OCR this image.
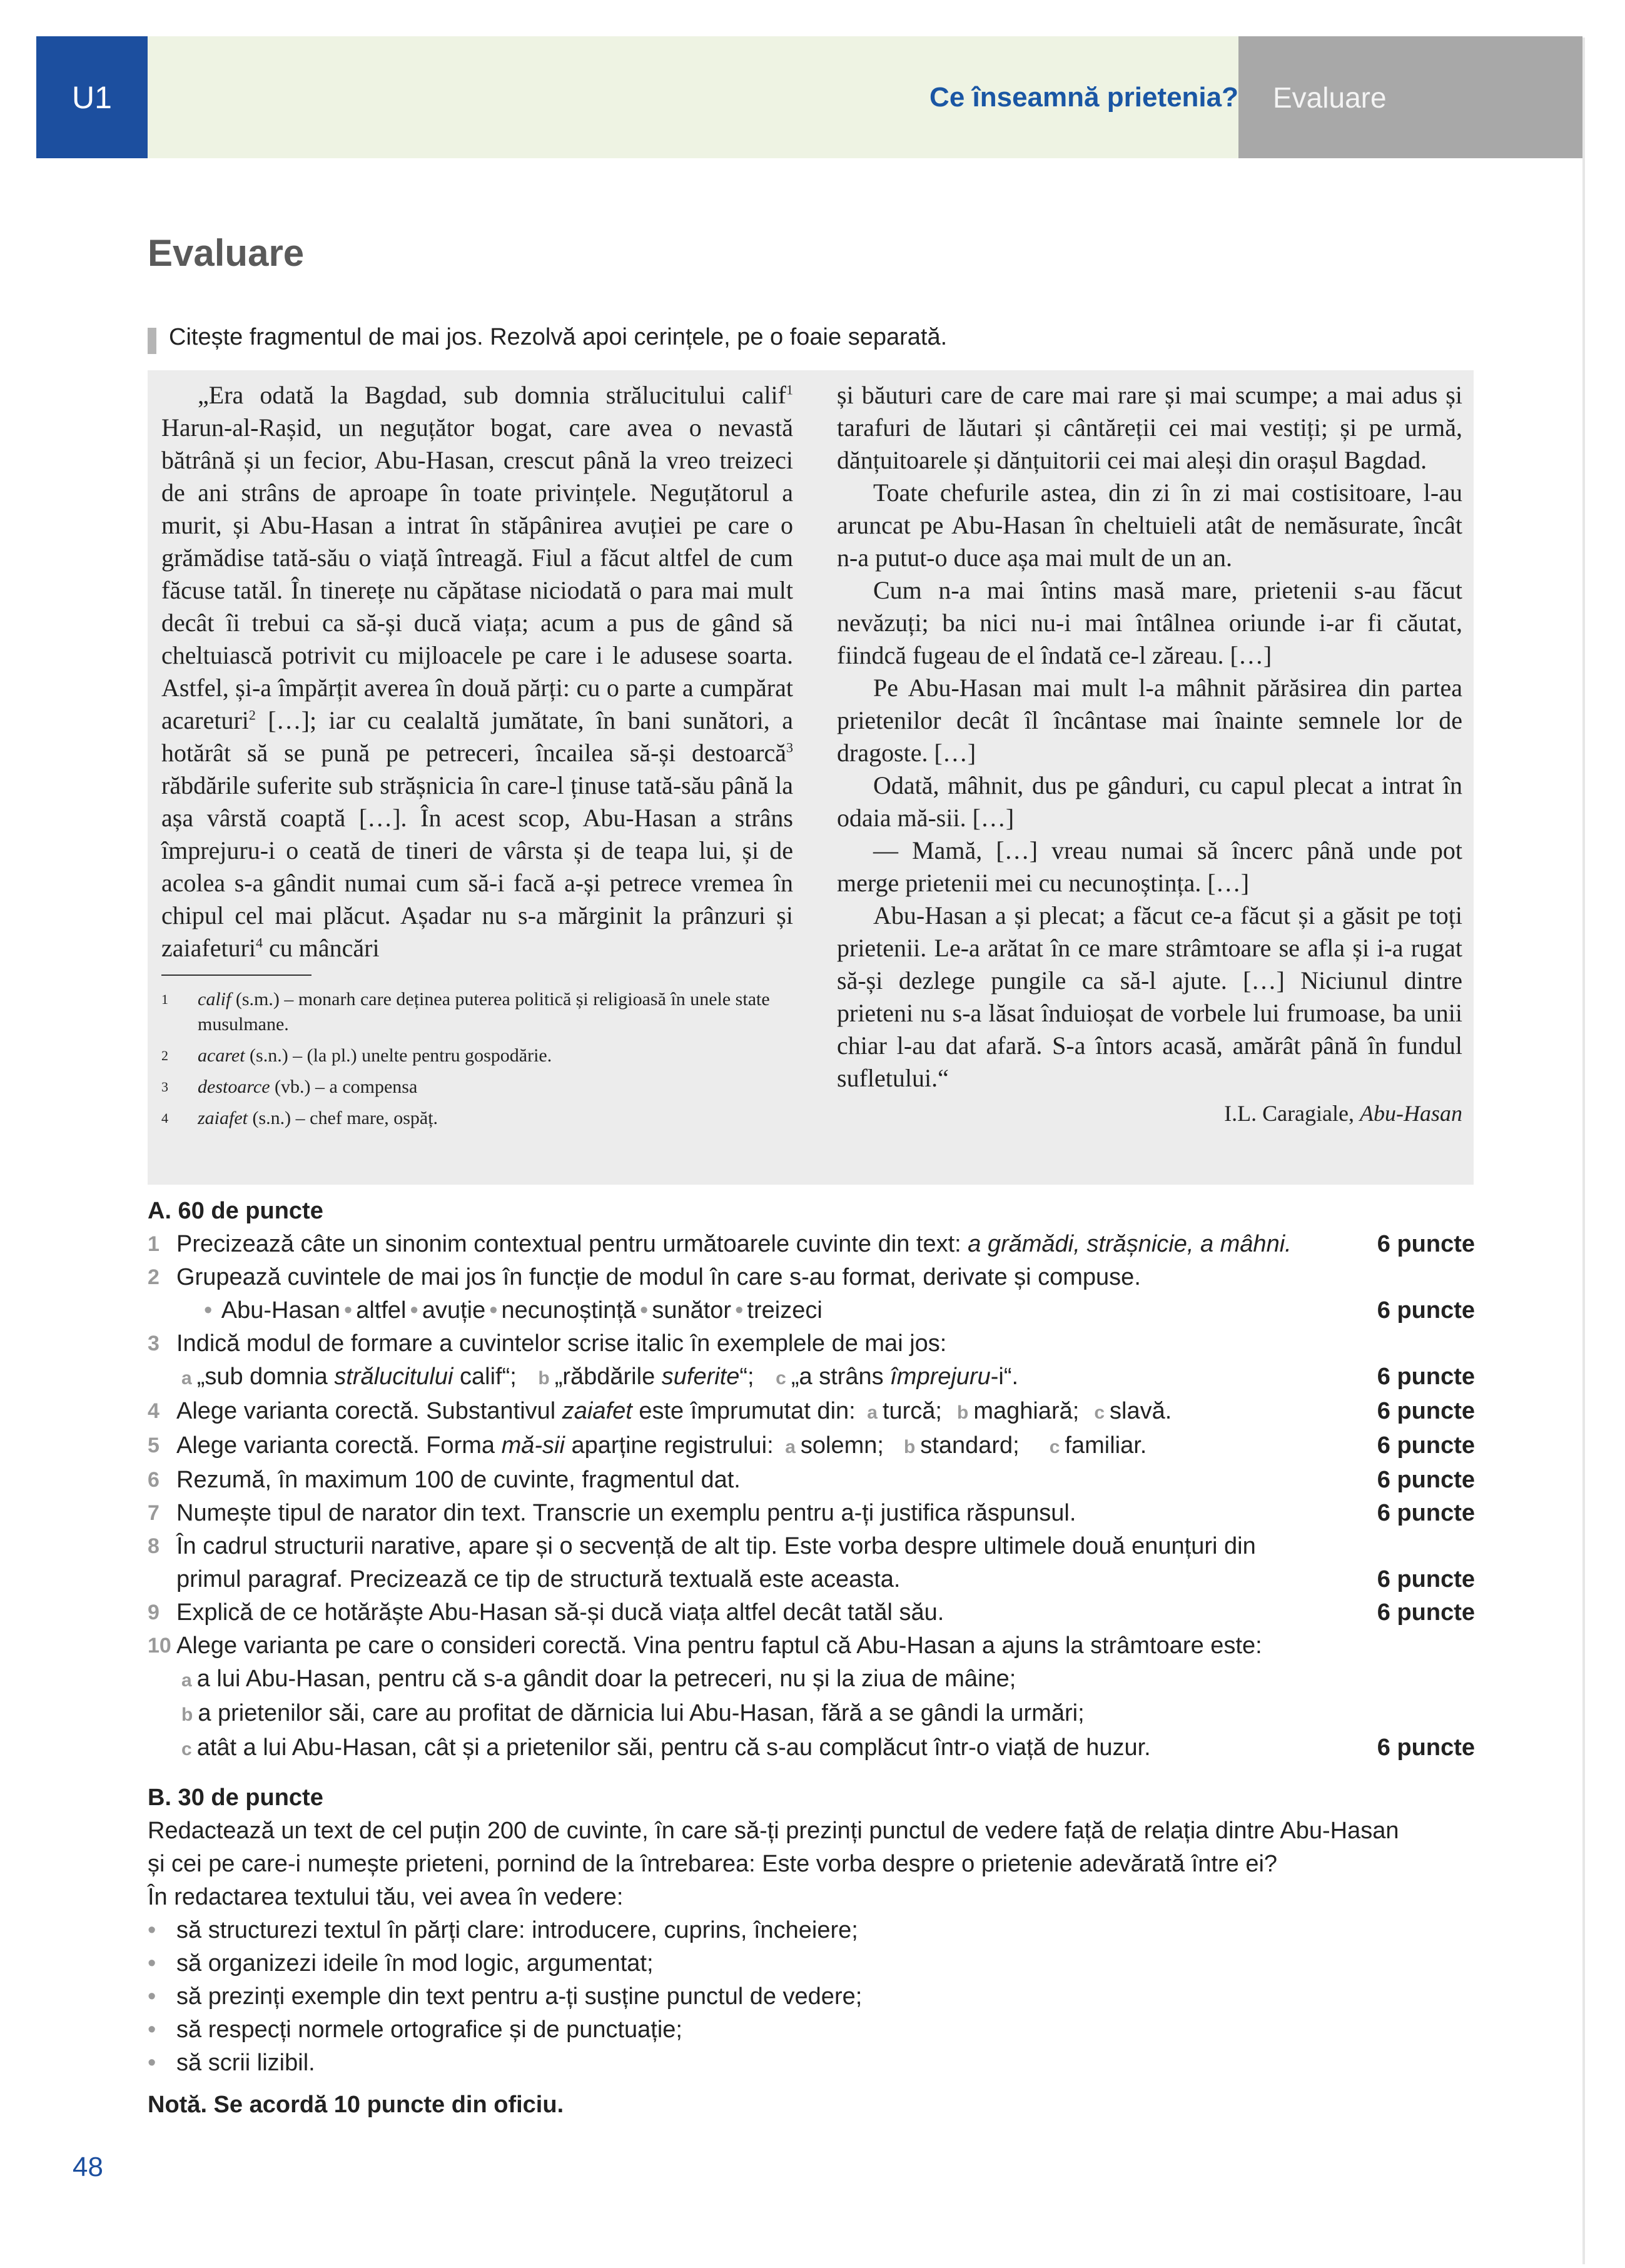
U1	Ce înseamnă prietenia?	Evaluare
Evaluare
Citește fragmentul de mai jos. Rezolvă apoi cerințele, pe o foaie separată.

„Era odată la Bagdad, sub domnia strălucitului calif$^1$ Harun-al-Rașid, un neguțător bogat, care avea o nevastă bătrână și un fecior, Abu-Hasan, crescut până la vreo treizeci de ani strâns de aproape în toate privințele. Neguțătorul a murit, și Abu-Hasan a intrat în stăpânirea avuției pe care o grămădise tată-său o viață întreagă. Fiul a făcut altfel de cum făcuse tatăl. În tinerețe nu căpătase niciodată o para mai mult decât îi trebui ca să-și ducă viața; acum a pus de gând să cheltuiască potrivit cu mijloacele pe care i le adusese soarta. Astfel, și-a împărțit averea în două părți: cu o parte a cumpărat acareturi$^2$ […]; iar cu cealaltă jumătate, în bani sunători, a hotărât să se pună pe petreceri, încailea să-și destoarcă$^3$ răbdările suferite sub strășnicia în care-l ținuse tată-său până la așa vârstă coaptă […]. În acest scop, Abu-Hasan a strâns împrejuru-i o ceată de tineri de vârsta și de teapa lui, și de acolea s-a gândit numai cum să-i facă a-și petrece vremea în chipul cel mai plăcut. Așadar nu s-a mărginit la prânzuri și zaiafeturi$^4$ cu mâncări

1	calif (s.m.) – monarh care deținea puterea politică și religioasă în unele state musulmane.
2	acaret (s.n.) – (la pl.) unelte pentru gospodărie.
3	destoarce (vb.) – a compensa
4	zaiafet (s.n.) – chef mare, ospăț.

și băuturi care de care mai rare și mai scumpe; a mai adus și tarafuri de lăutari și cântăreții cei mai vestiți; și pe urmă, dănțuitoarele și dănțuitorii cei mai aleși din orașul Bagdad.

Toate chefurile astea, din zi în zi mai costisitoare, l-au aruncat pe Abu-Hasan în cheltuieli atât de nemăsurate, încât n-a putut-o duce așa mai mult de un an.

Cum n-a mai întins masă mare, prietenii s-au făcut nevăzuți; ba nici nu-i mai întâlnea oriunde i-ar fi căutat, fiindcă fugeau de el îndată ce-l zăreau. […]

Pe Abu-Hasan mai mult l-a mâhnit părăsirea din partea prietenilor decât îl încântase mai înainte semnele lor de dragoste. […]

Odată, mâhnit, dus pe gânduri, cu capul plecat a intrat în odaia mă-sii. […]

— Mamă, […] vreau numai să încerc până unde pot merge prietenii mei cu necunoștința. […]

Abu-Hasan a și plecat; a făcut ce-a făcut și a găsit pe toți prietenii. Le-a arătat în ce mare strâmtoare se afla și i-a rugat să-și dezlege pungile ca să-l ajute. […] Niciunul dintre prieteni nu s-a lăsat înduioșat de vorbele lui frumoase, ba unii chiar l-au dat afară. S-a întors acasă, amărât până în fundul sufletului.“

I.L. Caragiale, Abu-Hasan
A. 60 de puncte
1 Precizează câte un sinonim contextual pentru următoarele cuvinte din text: a grămădi, strășnicie, a mâhni.	6 puncte
2 Grupează cuvintele de mai jos în funcție de modul în care s-au format, derivate și compuse.
• Abu-Hasan • altfel • avuție • necunoștință • sunător • treizeci	6 puncte
3 Indică modul de formare a cuvintelor scrise italic în exemplele de mai jos:
a „sub domnia strălucitului calif“; b „răbdările suferite“; c „a strâns împrejuru-i“.	6 puncte
4 Alege varianta corectă. Substantivul zaiafet este împrumutat din: a turcă; b maghiară; c slavă.	6 puncte
5 Alege varianta corectă. Forma mă-sii aparține registrului: a solemn; b standard; c familiar.	6 puncte
6 Rezumă, în maximum 100 de cuvinte, fragmentul dat.	6 puncte
7 Numește tipul de narator din text. Transcrie un exemplu pentru a-ți justifica răspunsul.	6 puncte
8 În cadrul structurii narative, apare și o secvență de alt tip. Este vorba despre ultimele două enunțuri din
primul paragraf. Precizează ce tip de structură textuală este aceasta.	6 puncte
9 Explică de ce hotărăște Abu-Hasan să-și ducă viața altfel decât tatăl său.	6 puncte
10 Alege varianta pe care o consideri corectă. Vina pentru faptul că Abu-Hasan a ajuns la strâmtoare este:
a a lui Abu-Hasan, pentru că s-a gândit doar la petreceri, nu și la ziua de mâine;
b a prietenilor săi, care au profitat de dărnicia lui Abu-Hasan, fără a se gândi la urmări;
c atât a lui Abu-Hasan, cât și a prietenilor săi, pentru că s-au complăcut într-o viață de huzur.	6 puncte
B. 30 de puncte
Redactează un text de cel puțin 200 de cuvinte, în care să-ți prezinți punctul de vedere față de relația dintre Abu-Hasan
și cei pe care-i numește prieteni, pornind de la întrebarea: Este vorba despre o prietenie adevărată între ei?
În redactarea textului tău, vei avea în vedere:
• să structurezi textul în părți clare: introducere, cuprins, încheiere;
• să organizezi ideile în mod logic, argumentat;
• să prezinți exemple din text pentru a-ți susține punctul de vedere;
• să respecți normele ortografice și de punctuație;
• să scrii lizibil.
Notă. Se acordă 10 puncte din oficiu.
48
